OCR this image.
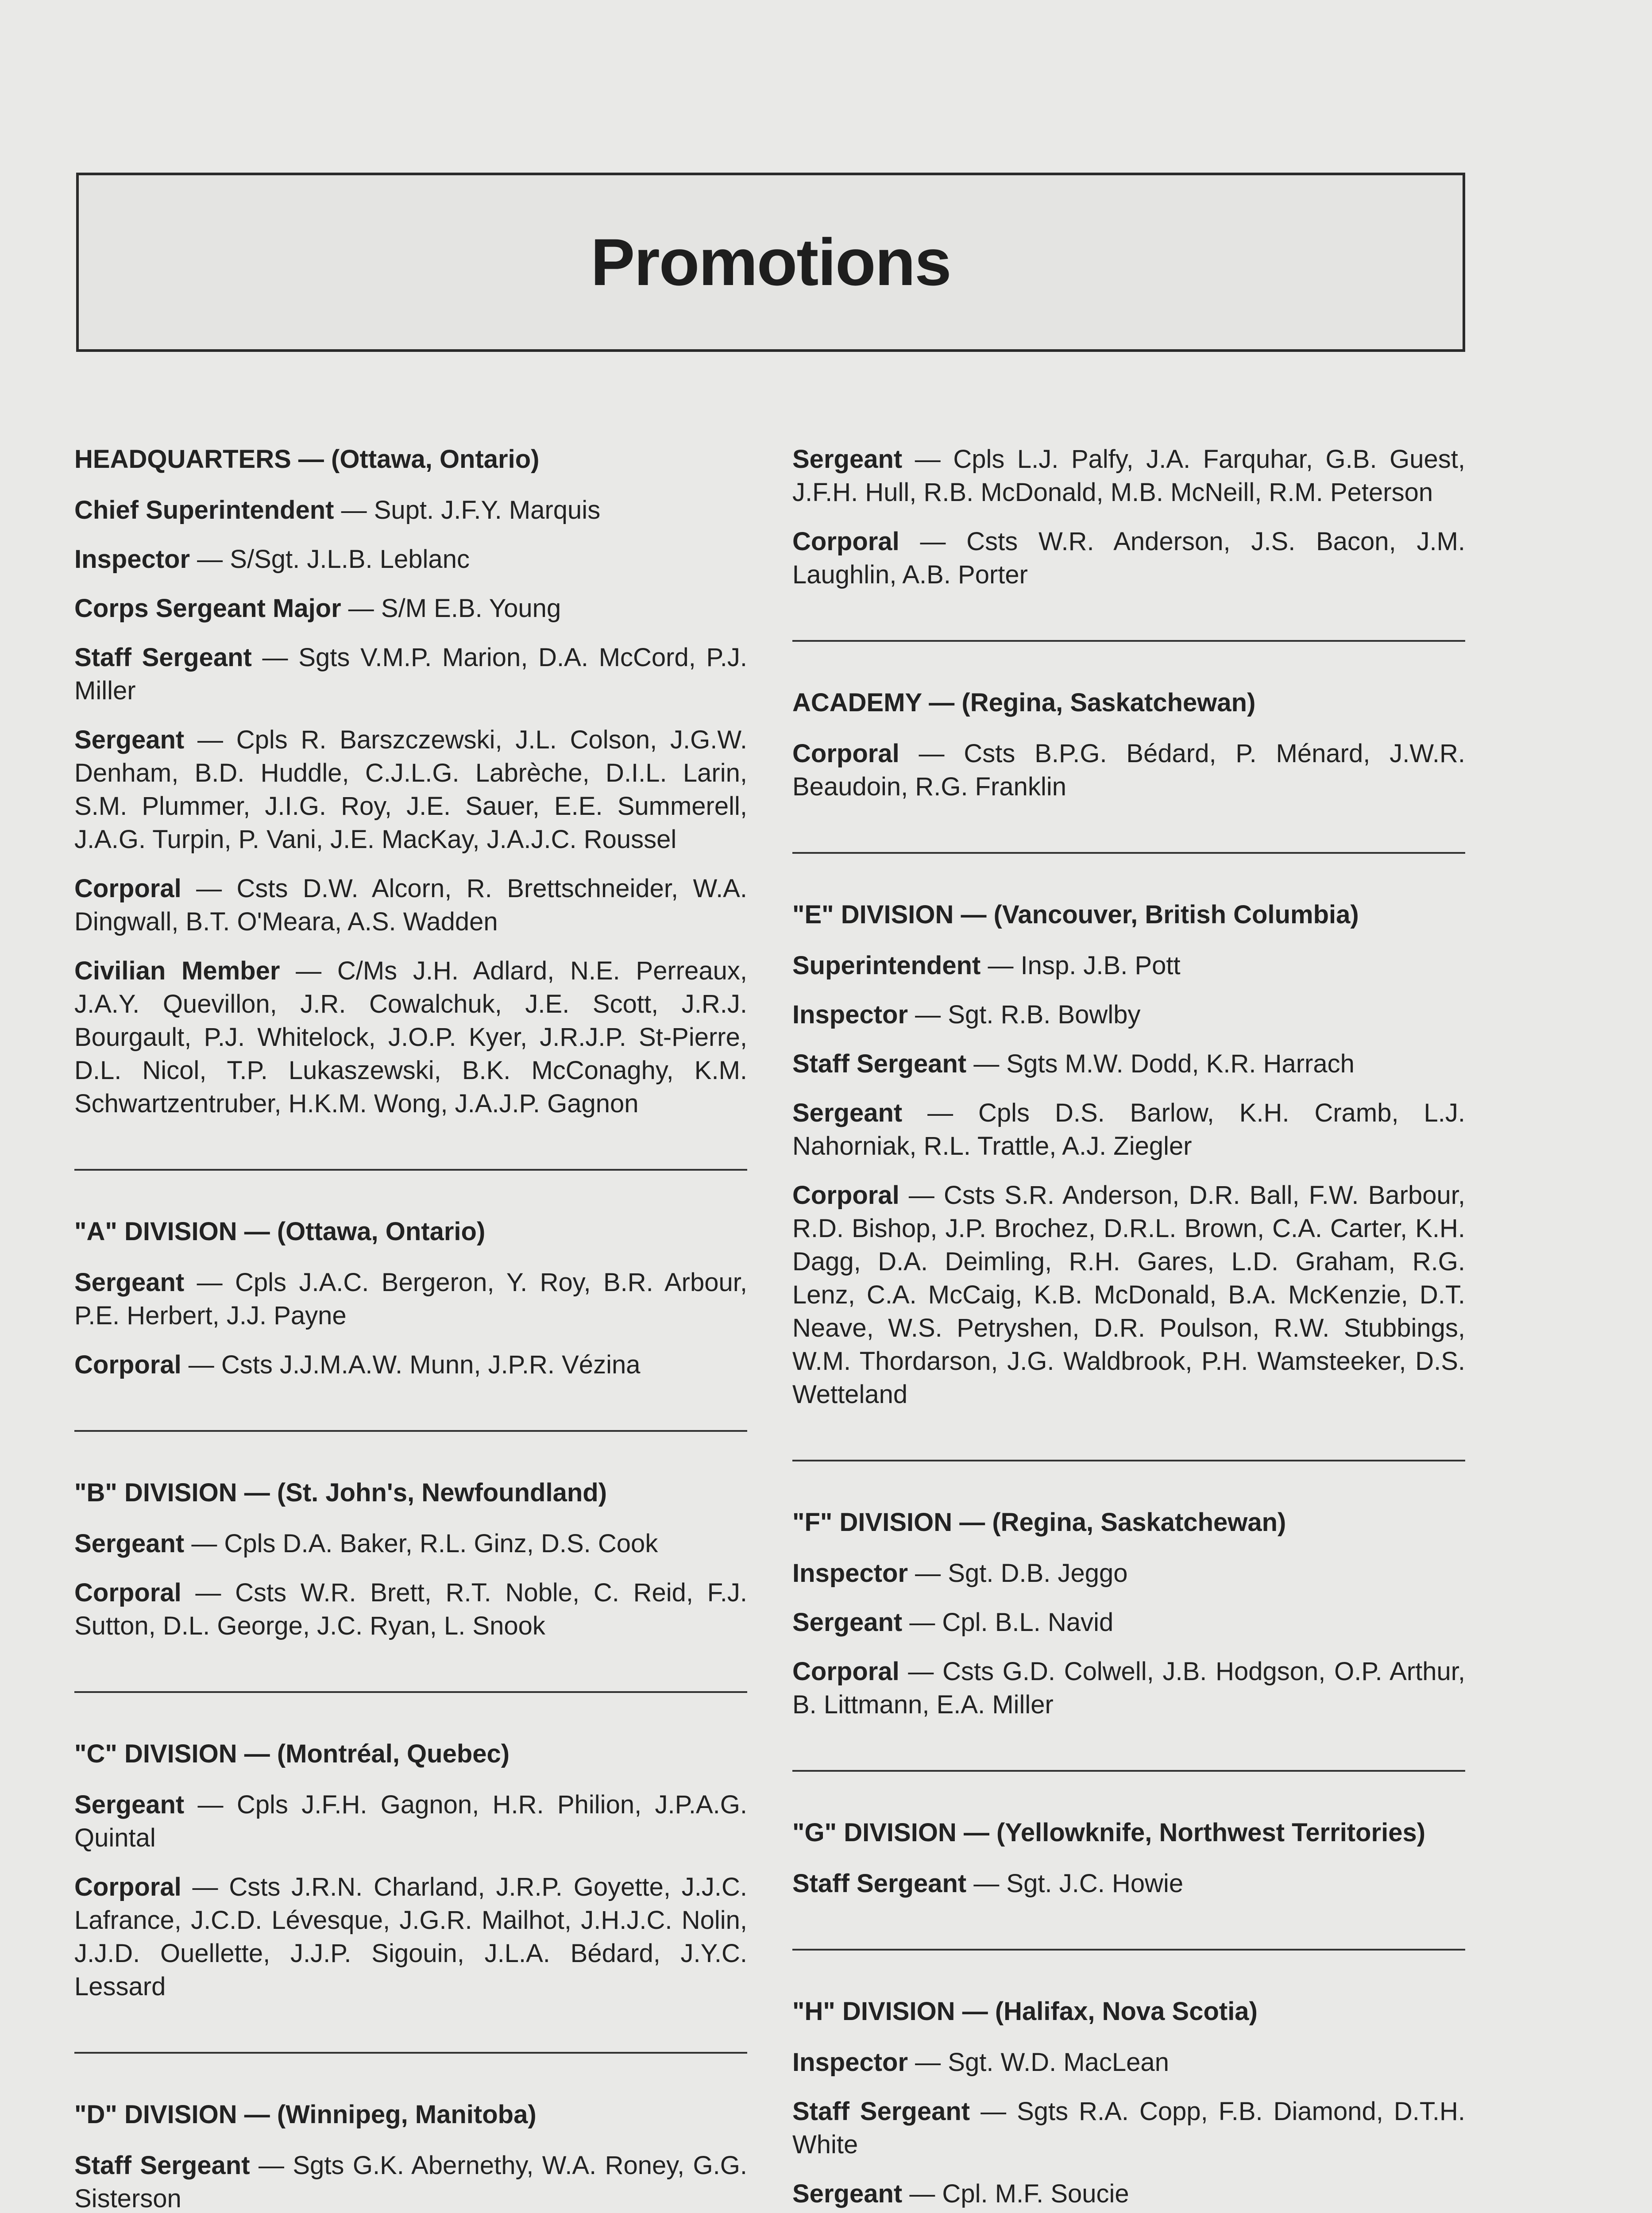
Promotions
HEADQUARTERS — (Ottawa, Ontario)
Chief Superintendent — Supt. J.F.Y. Marquis
Inspector — S/Sgt. J.L.B. Leblanc
Corps Sergeant Major — S/M E.B. Young
Staff Sergeant — Sgts V.M.P. Marion, D.A. McCord, P.J. Miller
Sergeant — Cpls R. Barszczewski, J.L. Colson, J.G.W. Denham, B.D. Huddle, C.J.L.G. Labrèche, D.I.L. Larin, S.M. Plummer, J.I.G. Roy, J.E. Sauer, E.E. Summerell, J.A.G. Turpin, P. Vani, J.E. MacKay, J.A.J.C. Roussel
Corporal — Csts D.W. Alcorn, R. Brettschneider, W.A. Dingwall, B.T. O'Meara, A.S. Wadden
Civilian Member — C/Ms J.H. Adlard, N.E. Perreaux, J.A.Y. Quevillon, J.R. Cowalchuk, J.E. Scott, J.R.J. Bourgault, P.J. Whitelock, J.O.P. Kyer, J.R.J.P. St-Pierre, D.L. Nicol, T.P. Lukaszewski, B.K. McConaghy, K.M. Schwartzentruber, H.K.M. Wong, J.A.J.P. Gagnon
"A" DIVISION — (Ottawa, Ontario)
Sergeant — Cpls J.A.C. Bergeron, Y. Roy, B.R. Arbour, P.E. Herbert, J.J. Payne
Corporal — Csts J.J.M.A.W. Munn, J.P.R. Vézina
"B" DIVISION — (St. John's, Newfoundland)
Sergeant — Cpls D.A. Baker, R.L. Ginz, D.S. Cook
Corporal — Csts W.R. Brett, R.T. Noble, C. Reid, F.J. Sutton, D.L. George, J.C. Ryan, L. Snook
"C" DIVISION — (Montréal, Quebec)
Sergeant — Cpls J.F.H. Gagnon, H.R. Philion, J.P.A.G. Quintal
Corporal — Csts J.R.N. Charland, J.R.P. Goyette, J.J.C. Lafrance, J.C.D. Lévesque, J.G.R. Mailhot, J.H.J.C. Nolin, J.J.D. Ouellette, J.J.P. Sigouin, J.L.A. Bédard, J.Y.C. Lessard
"D" DIVISION — (Winnipeg, Manitoba)
Staff Sergeant — Sgts G.K. Abernethy, W.A. Roney, G.G. Sisterson
Sergeant — Cpls L.J. Palfy, J.A. Farquhar, G.B. Guest, J.F.H. Hull, R.B. McDonald, M.B. McNeill, R.M. Peterson
Corporal — Csts W.R. Anderson, J.S. Bacon, J.M. Laughlin, A.B. Porter
ACADEMY — (Regina, Saskatchewan)
Corporal — Csts B.P.G. Bédard, P. Ménard, J.W.R. Beaudoin, R.G. Franklin
"E" DIVISION — (Vancouver, British Columbia)
Superintendent — Insp. J.B. Pott
Inspector — Sgt. R.B. Bowlby
Staff Sergeant — Sgts M.W. Dodd, K.R. Harrach
Sergeant — Cpls D.S. Barlow, K.H. Cramb, L.J. Nahorniak, R.L. Trattle, A.J. Ziegler
Corporal — Csts S.R. Anderson, D.R. Ball, F.W. Barbour, R.D. Bishop, J.P. Brochez, D.R.L. Brown, C.A. Carter, K.H. Dagg, D.A. Deimling, R.H. Gares, L.D. Graham, R.G. Lenz, C.A. McCaig, K.B. McDonald, B.A. McKenzie, D.T. Neave, W.S. Petryshen, D.R. Poulson, R.W. Stubbings, W.M. Thordarson, J.G. Waldbrook, P.H. Wamsteeker, D.S. Wetteland
"F" DIVISION — (Regina, Saskatchewan)
Inspector — Sgt. D.B. Jeggo
Sergeant — Cpl. B.L. Navid
Corporal — Csts G.D. Colwell, J.B. Hodgson, O.P. Arthur, B. Littmann, E.A. Miller
"G" DIVISION — (Yellowknife, Northwest Territories)
Staff Sergeant — Sgt. J.C. Howie
"H" DIVISION — (Halifax, Nova Scotia)
Inspector — Sgt. W.D. MacLean
Staff Sergeant — Sgts R.A. Copp, F.B. Diamond, D.T.H. White
Sergeant — Cpl. M.F. Soucie
